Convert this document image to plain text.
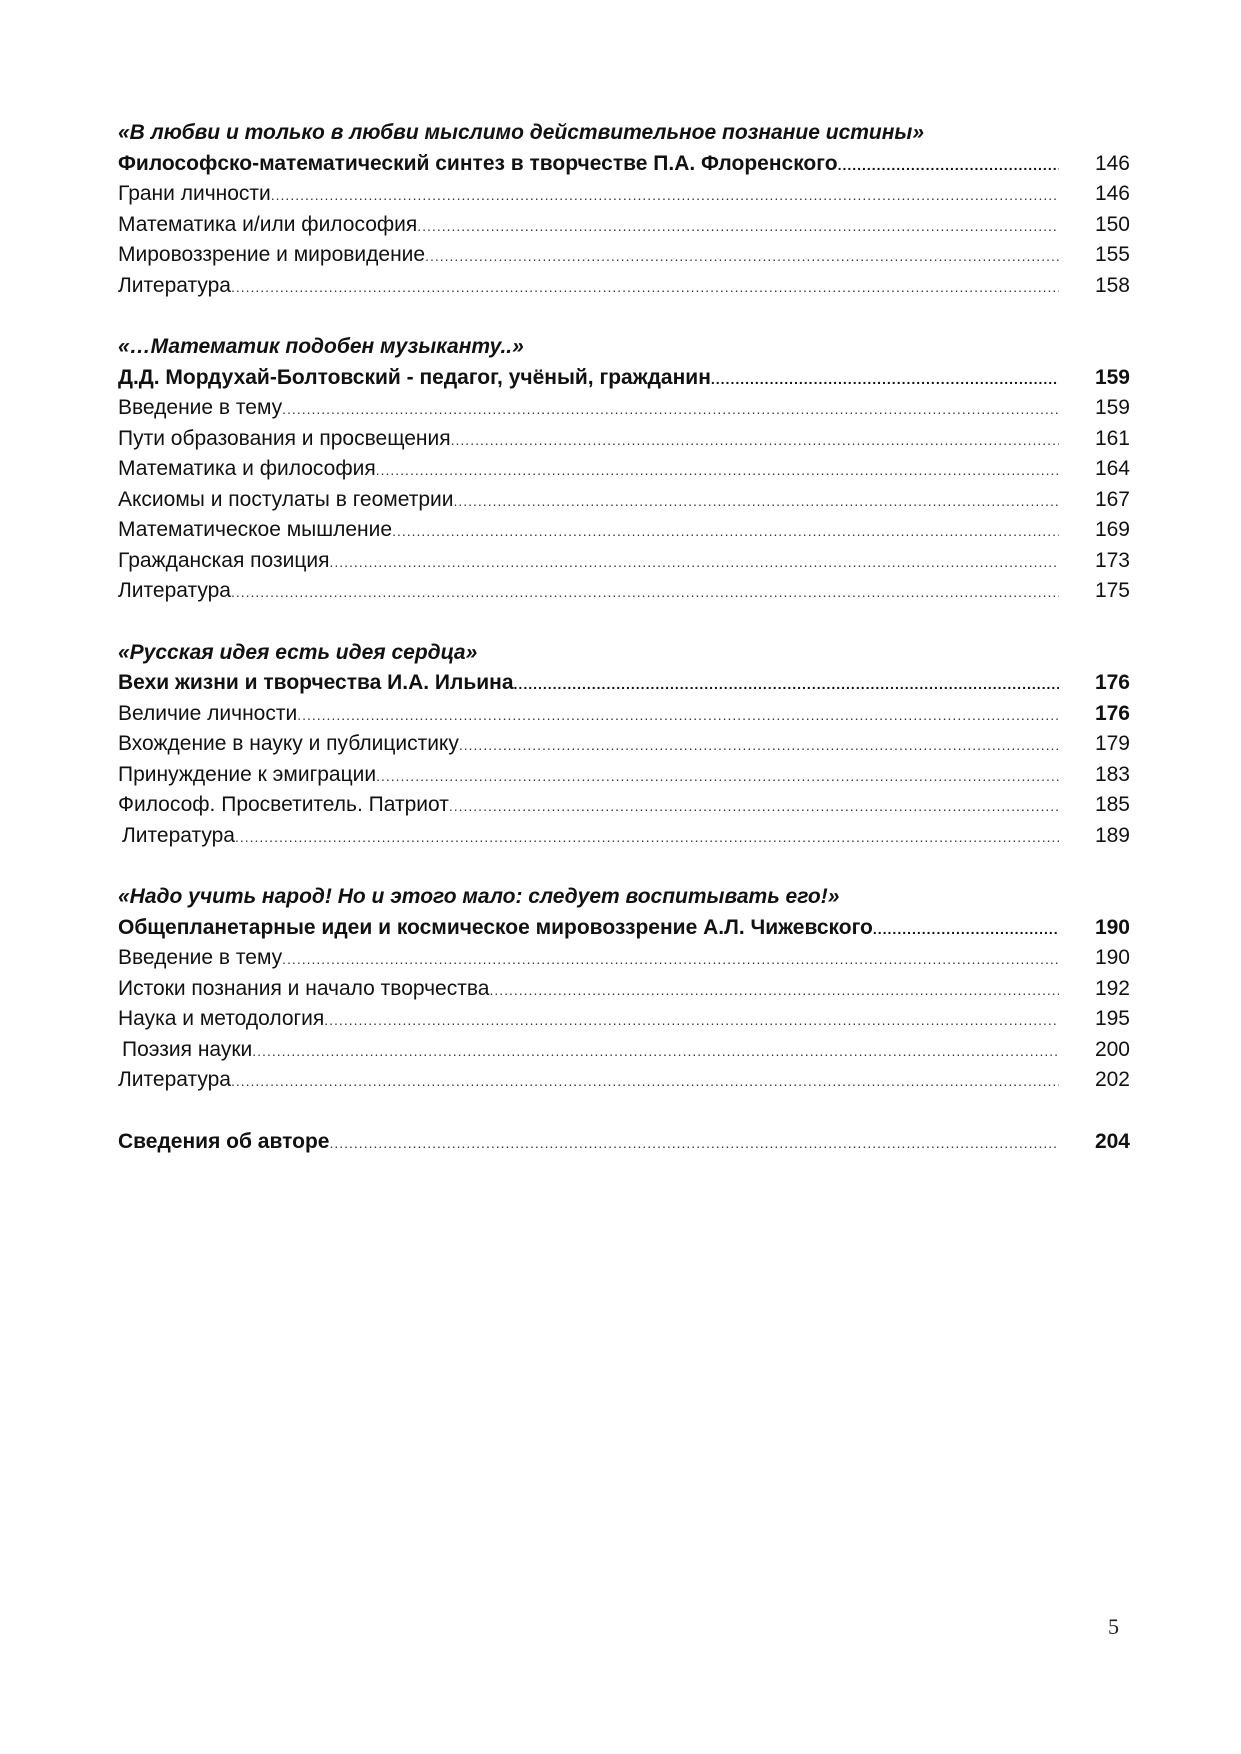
«В любви и только в любви мыслимо действительное познание истины»
Философско-математический синтез в творчестве П.А. Флоренского .....	146
Грани личности .....	146
Математика и/или философия .....	150
Мировоззрение и мировидение .....	155
Литература .....	158
«…Математик подобен музыканту..»
Д.Д. Мордухай-Болтовский - педагог, учёный, гражданин .....	159
Введение в тему .....	159
Пути образования и просвещения .....	161
Математика и философия .....	164
Аксиомы и постулаты в геометрии .....	167
Математическое мышление .....	169
Гражданская позиция .....	173
Литература .....	175
«Русская идея есть идея сердца»
Вехи жизни и творчества И.А. Ильина .....	176
Величие личности .....	176
Вхождение в науку и публицистику .....	179
Принуждение к эмиграции .....	183
Философ. Просветитель. Патриот .....	185
Литература .....	189
«Надо учить народ! Но и этого мало: следует воспитывать его!»
Общепланетарные идеи и космическое мировоззрение А.Л. Чижевского .....	190
Введение в тему .....	190
Истоки познания и начало творчества .....	192
Наука и методология .....	195
Поэзия науки .....	200
Литература .....	202
Сведения об авторе .....	204
5
